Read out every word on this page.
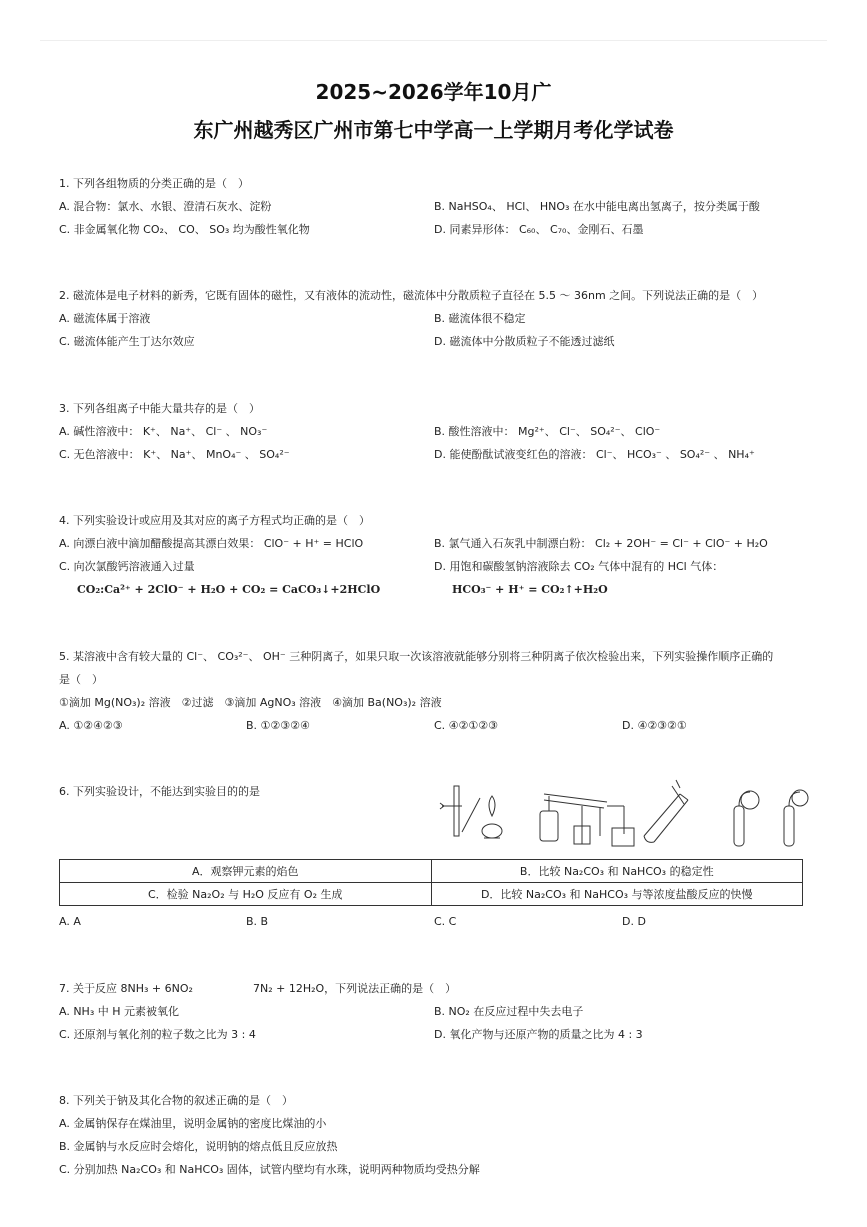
2025~2026学年10月广
东广州越秀区广州市第七中学高一上学期月考化学试卷
1. 下列各组物质的分类正确的是（　）
A. 混合物：氯水、水银、澄清石灰水、淀粉	B. NaHSO₄、 HCl、 HNO₃ 在水中能电离出氢离子，按分类属于酸
C. 非金属氧化物 CO₂、 CO、 SO₃ 均为酸性氧化物	D. 同素异形体： C₆₀、 C₇₀、金刚石、石墨
2. 磁流体是电子材料的新秀，它既有固体的磁性，又有液体的流动性，磁流体中分散质粒子直径在 5.5 ～ 36nm 之间。下列说法正确的是（　）
A. 磁流体属于溶液	B. 磁流体很不稳定
C. 磁流体能产生丁达尔效应	D. 磁流体中分散质粒子不能透过滤纸
3. 下列各组离子中能大量共存的是（　）
A. 碱性溶液中： K⁺、 Na⁺、 Cl⁻ 、 NO₃⁻	B. 酸性溶液中： Mg²⁺、 Cl⁻、 SO₄²⁻、 ClO⁻
C. 无色溶液中： K⁺、 Na⁺、 MnO₄⁻ 、 SO₄²⁻	D. 能使酚酞试液变红色的溶液： Cl⁻、 HCO₃⁻ 、 SO₄²⁻ 、 NH₄⁺
4. 下列实验设计或应用及其对应的离子方程式均正确的是（　）
A. 向漂白液中滴加醋酸提高其漂白效果： ClO⁻ + H⁺ = HClO	B. 氯气通入石灰乳中制漂白粉： Cl₂ + 2OH⁻ = Cl⁻ + ClO⁻ + H₂O
C. 向次氯酸钙溶液通入过量	D. 用饱和碳酸氢钠溶液除去 CO₂ 气体中混有的 HCl 气体：
CO₂:Ca²⁺ + 2ClO⁻ + H₂O + CO₂ = CaCO₃↓+2HClO	HCO₃⁻ + H⁺ = CO₂↑+H₂O
5. 某溶液中含有较大量的 Cl⁻、 CO₃²⁻、 OH⁻ 三种阴离子，如果只取一次该溶液就能够分别将三种阴离子依次检验出来，下列实验操作顺序正确的
是（　）
①滴加 Mg(NO₃)₂ 溶液　②过滤　③滴加 AgNO₃ 溶液　④滴加 Ba(NO₃)₂ 溶液
A. ①②④②③	B. ①②③②④	C. ④②①②③	D. ④②③②①
6. 下列实验设计，不能达到实验目的的是
A．观察钾元素的焰色	B．比较 Na₂CO₃ 和 NaHCO₃ 的稳定性
C．检验 Na₂O₂ 与 H₂O 反应有 O₂ 生成	D．比较 Na₂CO₃ 和 NaHCO₃ 与等浓度盐酸反应的快慢
A. A	B. B	C. C	D. D
7. 关于反应 8NH₃ + 6NO₂	7N₂ + 12H₂O，下列说法正确的是（　）
A. NH₃ 中 H 元素被氧化	B. NO₂ 在反应过程中失去电子
C. 还原剂与氧化剂的粒子数之比为 3 : 4	D. 氧化产物与还原产物的质量之比为 4 : 3
8. 下列关于钠及其化合物的叙述正确的是（　）
A. 金属钠保存在煤油里，说明金属钠的密度比煤油的小
B. 金属钠与水反应时会熔化，说明钠的熔点低且反应放热
C. 分别加热 Na₂CO₃ 和 NaHCO₃ 固体，试管内壁均有水珠，说明两种物质均受热分解
